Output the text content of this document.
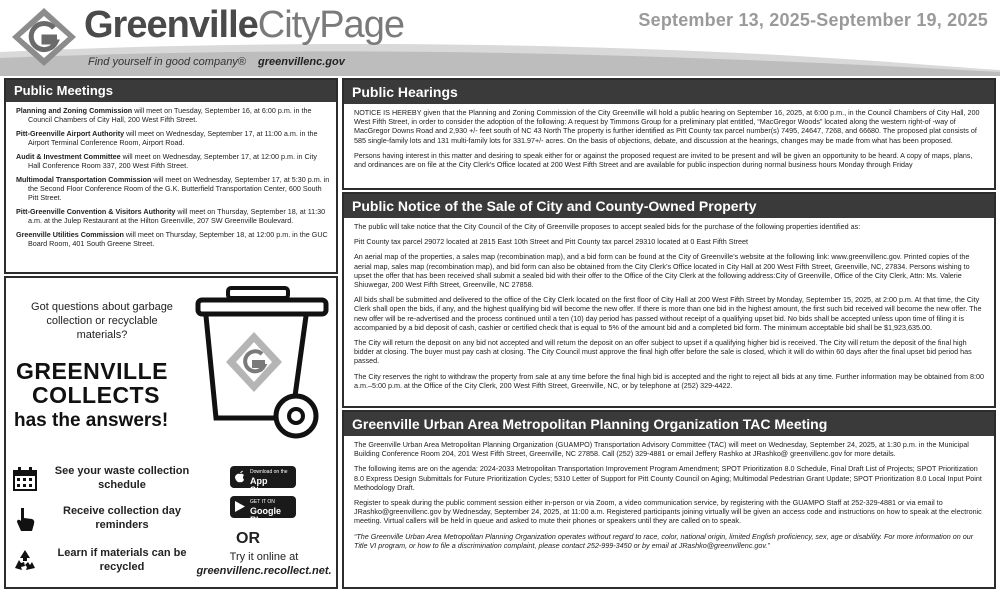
GreenvilleCityPage
Find yourself in good company® greenvillenc.gov
September 13, 2025-September 19, 2025
Public Meetings
Planning and Zoning Commission will meet on Tuesday, September 16, at 6:00 p.m. in the Council Chambers of City Hall, 200 West Fifth Street.
Pitt-Greenville Airport Authority will meet on Wednesday, September 17, at 11:00 a.m. in the Airport Terminal Conference Room, Airport Road.
Audit & Investment Committee will meet on Wednesday, September 17, at 12:00 p.m. in City Hall Conference Room 337, 200 West Fifth Street.
Multimodal Transportation Commission will meet on Wednesday, September 17, at 5:30 p.m. in the Second Floor Conference Room of the G.K. Butterfield Transportation Center, 600 South Pitt Street.
Pitt-Greenville Convention & Visitors Authority will meet on Thursday, September 18, at 11:30 a.m. at the Julep Restaurant at the Hilton Greenville, 207 SW Greenville Boulevard.
Greenville Utilities Commission will meet on Thursday, September 18, at 12:00 p.m. in the GUC Board Room, 401 South Greene Street.
Got questions about garbage collection or recyclable materials?
GREENVILLE
COLLECTS
has the answers!
See your waste collection schedule
Receive collection day reminders
Learn if materials can be recycled
Download on the
App Store
GET IT ON
Google Play
OR
Try it online at
greenvillenc.recollect.net.
Public Hearings

NOTICE IS HEREBY given that the Planning and Zoning Commission of the City Greenville will hold a public hearing on September 16, 2025, at 6:00 p.m., in the Council Chambers of City Hall, 200 West Fifth Street, in order to consider the adoption of the following: A request by Timmons Group for a preliminary plat entitled, “MacGregor Woods” located along the western right-of -way of MacGregor Downs Road and 2,930 +/- feet south of NC 43 North The property is further identified as Pitt County tax parcel number(s) 7495, 24647, 7268, and 66680. The proposed plat consists of 585 single-family lots and 131 multi-family lots for 331.97+/- acres. On the basis of objections, debate, and discussion at the hearings, changes may be made from what has been proposed.

Persons having interest in this matter and desiring to speak either for or against the proposed request are invited to be present and will be given an opportunity to be heard. A copy of maps, plans, and ordinances are on file at the City Clerk’s Office located at 200 West Fifth Street and are available for public inspection during normal business hours Monday through Friday

Public Notice of the Sale of City and County-Owned Property

The public will take notice that the City Council of the City of Greenville proposes to accept sealed bids for the purchase of the following properties identified as:

Pitt County tax parcel 29072 located at 2815 East 10th Street and Pitt County tax parcel 29310 located at 0 East Fifth Street

An aerial map of the properties, a sales map (recombination map), and a bid form can be found at the City of Greenville’s website at the following link: www.greenvillenc.gov. Printed copies of the aerial map, sales map (recombination map), and bid form can also be obtained from the City Clerk’s Office located in City Hall at 200 West Fifth Street, Greenville, NC, 27834. Persons wishing to upset the offer that has been received shall submit a sealed bid with their offer to the Office of the City Clerk at the following address:City of Greenville, Office of the City Clerk, Attn: Ms. Valerie Shiuwegar, 200 West Fifth Street, Greenville, NC 27858.

All bids shall be submitted and delivered to the office of the City Clerk located on the first floor of City Hall at 200 West Fifth Street by Monday, September 15, 2025, at 2:00 p.m. At that time, the City Clerk shall open the bids, if any, and the highest qualifying bid will become the new offer. If there is more than one bid in the highest amount, the first such bid received will become the new offer. The new offer will be re-advertised and the process continued until a ten (10) day period has passed without receipt of a qualifying upset bid. No bids shall be accepted unless upon time of filing it is accompanied by a bid deposit of cash, cashier or certified check that is equal to 5% of the amount bid and a completed bid form. The minimum acceptable bid shall be $1,923,635.00.

The City will return the deposit on any bid not accepted and will return the deposit on an offer subject to upset if a qualifying higher bid is received. The City will return the deposit of the final high bidder at closing. The buyer must pay cash at closing. The City Council must approve the final high offer before the sale is closed, which it will do within 60 days after the final upset bid period has passed.

The City reserves the right to withdraw the property from sale at any time before the final high bid is accepted and the right to reject all bids at any time. Further information may be obtained from 8:00 a.m.–5:00 p.m. at the Office of the City Clerk, 200 West Fifth Street, Greenville, NC, or by telephone at (252) 329-4422.

Greenville Urban Area Metropolitan Planning Organization TAC Meeting

The Greenville Urban Area Metropolitan Planning Organization (GUAMPO) Transportation Advisory Committee (TAC) will meet on Wednesday, September 24, 2025, at 1:30 p.m. in the Municipal Building Conference Room 204, 201 West Fifth Street, Greenville, NC 27858. Call (252) 329-4881 or email Jeffery Rashko at JRashko@ greenvillenc.gov for more details.

The following items are on the agenda: 2024-2033 Metropolitan Transportation Improvement Program Amendment; SPOT Prioritization 8.0 Schedule, Final Draft List of Projects; SPOT Prioritization 8.0 Express Design Submittals for Future Prioritization Cycles; 5310 Letter of Support for Pitt County Council on Aging; Multimodal Pedestrian Grant Update; SPOT Prioritization 8.0 Local Input Point Methodology Draft.

Register to speak during the public comment session either in-person or via Zoom, a video communication service, by registering with the GUAMPO Staff at 252-329-4881 or via email to JRashko@greenvillenc.gov by Wednesday, September 24, 2025, at 11:00 a.m. Registered participants joining virtually will be given an access code and instructions on how to speak at the electronic meeting. Virtual callers will be held in queue and asked to mute their phones or speakers until they are called on to speak.

“The Greenville Urban Area Metropolitan Planning Organization operates without regard to race, color, national origin, limited English proficiency, sex, age or disability. For more information on our Title VI program, or how to file a discrimination complaint, please contact 252-999-3450 or by email at JRashko@greenvillenc.gov.”
